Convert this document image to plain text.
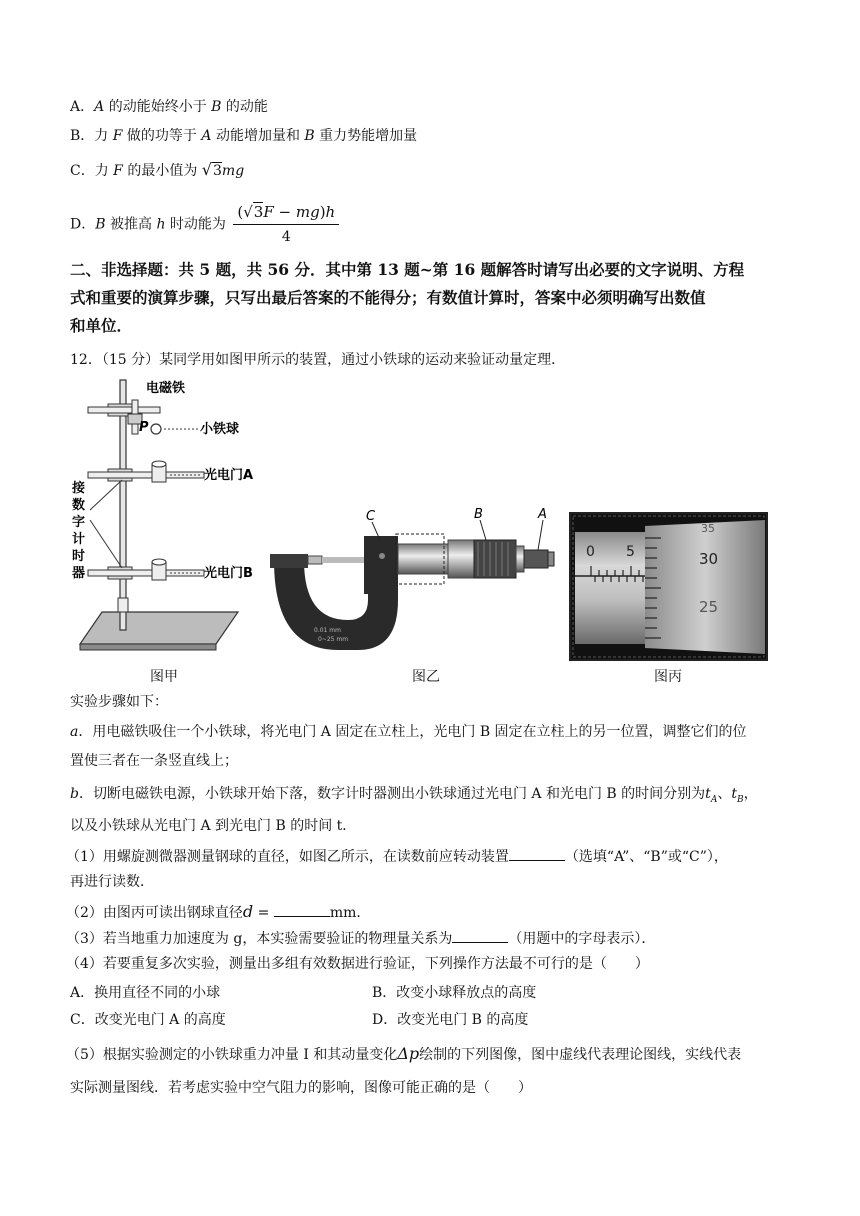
A．A 的动能始终小于 B 的动能
B．力 F 做的功等于 A 动能增加量和 B 重力势能增加量
C．力 F 的最小值为 √3mg
D．B 被推高 h 时动能为 $\frac{(√3F - mg)h}{4}$
二、非选择题：共 5 题，共 56 分．其中第 13 题~第 16 题解答时请写出必要的文字说明、方程
式和重要的演算步骤，只写出最后答案的不能得分；有数值计算时，答案中必须明确写出数值
和单位．
12．（15 分）某同学用如图甲所示的装置，通过小铁球的运动来验证动量定理．
电磁铁
P	小铁球
光电门A
光电门B
接
数
字
计
时
器
C	B	A
0.01 mm
0~25 mm
0 5
35
30
25
图甲	图乙	图丙
实验步骤如下：
a．用电磁铁吸住一个小铁球，将光电门 A 固定在立柱上，光电门 B 固定在立柱上的另一位置，调整它们的位
置使三者在一条竖直线上；
b．切断电磁铁电源，小铁球开始下落，数字计时器测出小铁球通过光电门 A 和光电门 B 的时间分别为$t_A$、$t_B$，
以及小铁球从光电门 A 到光电门 B 的时间 t．
（1）用螺旋测微器测量钢球的直径，如图乙所示，在读数前应转动装置	（选填“A”、“B”或“C”），
再进行读数．
（2）由图丙可读出钢球直径d =	mm．
（3）若当地重力加速度为 g，本实验需要验证的物理量关系为	（用题中的字母表示）．
（4）若要重复多次实验，测量出多组有效数据进行验证，下列操作方法最不可行的是（　　）
A．换用直径不同的小球	B．改变小球释放点的高度
C．改变光电门 A 的高度	D．改变光电门 B 的高度
（5）根据实验测定的小铁球重力冲量 I 和其动量变化Δp绘制的下列图像，图中虚线代表理论图线，实线代表
实际测量图线．若考虑实验中空气阻力的影响，图像可能正确的是（　　）
